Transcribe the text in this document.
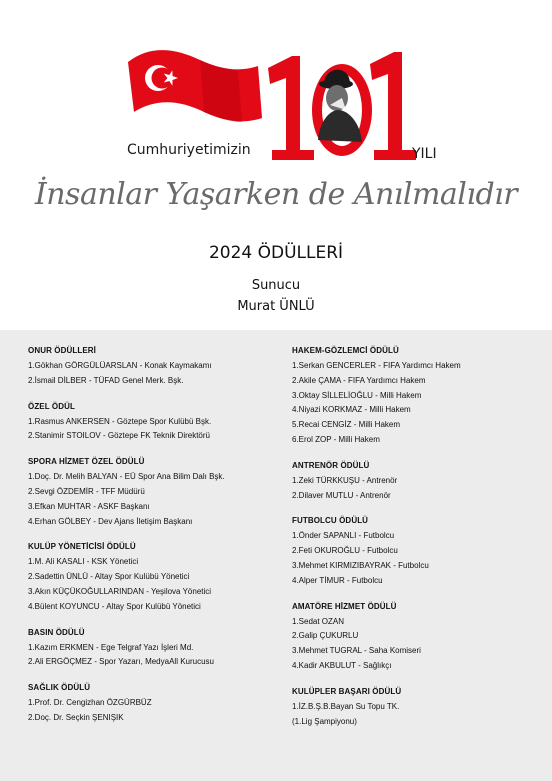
Cumhuriyetimizin	YILI
İnsanlar Yaşarken de Anılmalıdır
2024 ÖDÜLLERİ
Sunucu
Murat ÜNLÜ
ONUR ÖDÜLLERİ
1.Gökhan GÖRGÜLÜARSLAN - Konak Kaymakamı
2.İsmail DİLBER - TÜFAD Genel Merk. Bşk.
ÖZEL ÖDÜL
1.Rasmus ANKERSEN - Göztepe Spor Kulübü Bşk.
2.Stanimir STOILOV - Göztepe FK Teknik Direktörü
SPORA HİZMET ÖZEL ÖDÜLÜ
1.Doç. Dr. Melih BALYAN - EÜ Spor Ana Bilim Dalı Bşk.
2.Sevgi ÖZDEMİR - TFF Müdürü
3.Efkan MUHTAR - ASKF Başkanı
4.Erhan GÖLBEY - Dev Ajans İletişim Başkanı
KULÜP YÖNETİCİSİ ÖDÜLÜ
1.M. Ali KASALI - KSK Yönetici
2.Sadettin ÜNLÜ - Altay Spor Kulübü Yönetici
3.Akın KÜÇÜKOĞULLARINDAN - Yeşilova Yönetici
4.Bülent KOYUNCU - Altay Spor Kulübü Yönetici
BASIN ÖDÜLÜ
1.Kazım ERKMEN - Ege Telgraf Yazı İşleri Md.
2.Ali ERGÖÇMEZ - Spor Yazarı, MedyaAll Kurucusu
SAĞLIK ÖDÜLÜ
1.Prof. Dr. Cengizhan ÖZGÜRBÜZ
2.Doç. Dr. Seçkin ŞENIŞIK
HAKEM-GÖZLEMCİ ÖDÜLÜ
1.Serkan GENCERLER - FIFA Yardımcı Hakem
2.Akile ÇAMA - FIFA Yardımcı Hakem
3.Oktay SİLLELİOĞLU - Milli Hakem
4.Niyazi KORKMAZ - Milli Hakem
5.Recai CENGİZ - Milli Hakem
6.Erol ZOP - Milli Hakem
ANTRENÖR ÖDÜLÜ
1.Zeki TÜRKKUŞU - Antrenör
2.Dilaver MUTLU - Antrenör
FUTBOLCU ÖDÜLÜ
1.Önder SAPANLI - Futbolcu
2.Feti OKUROĞLU - Futbolcu
3.Mehmet KIRMIZIBAYRAK - Futbolcu
4.Alper TİMUR - Futbolcu
AMATÖRE HİZMET ÖDÜLÜ
1.Sedat OZAN
2.Galip ÇUKURLU
3.Mehmet TUGRAL - Saha Komiseri
4.Kadir AKBULUT - Sağlıkçı
KULÜPLER BAŞARI ÖDÜLÜ
1.İZ.B.Ş.B.Bayan Su Topu TK.
(1.Lig Şampiyonu)
